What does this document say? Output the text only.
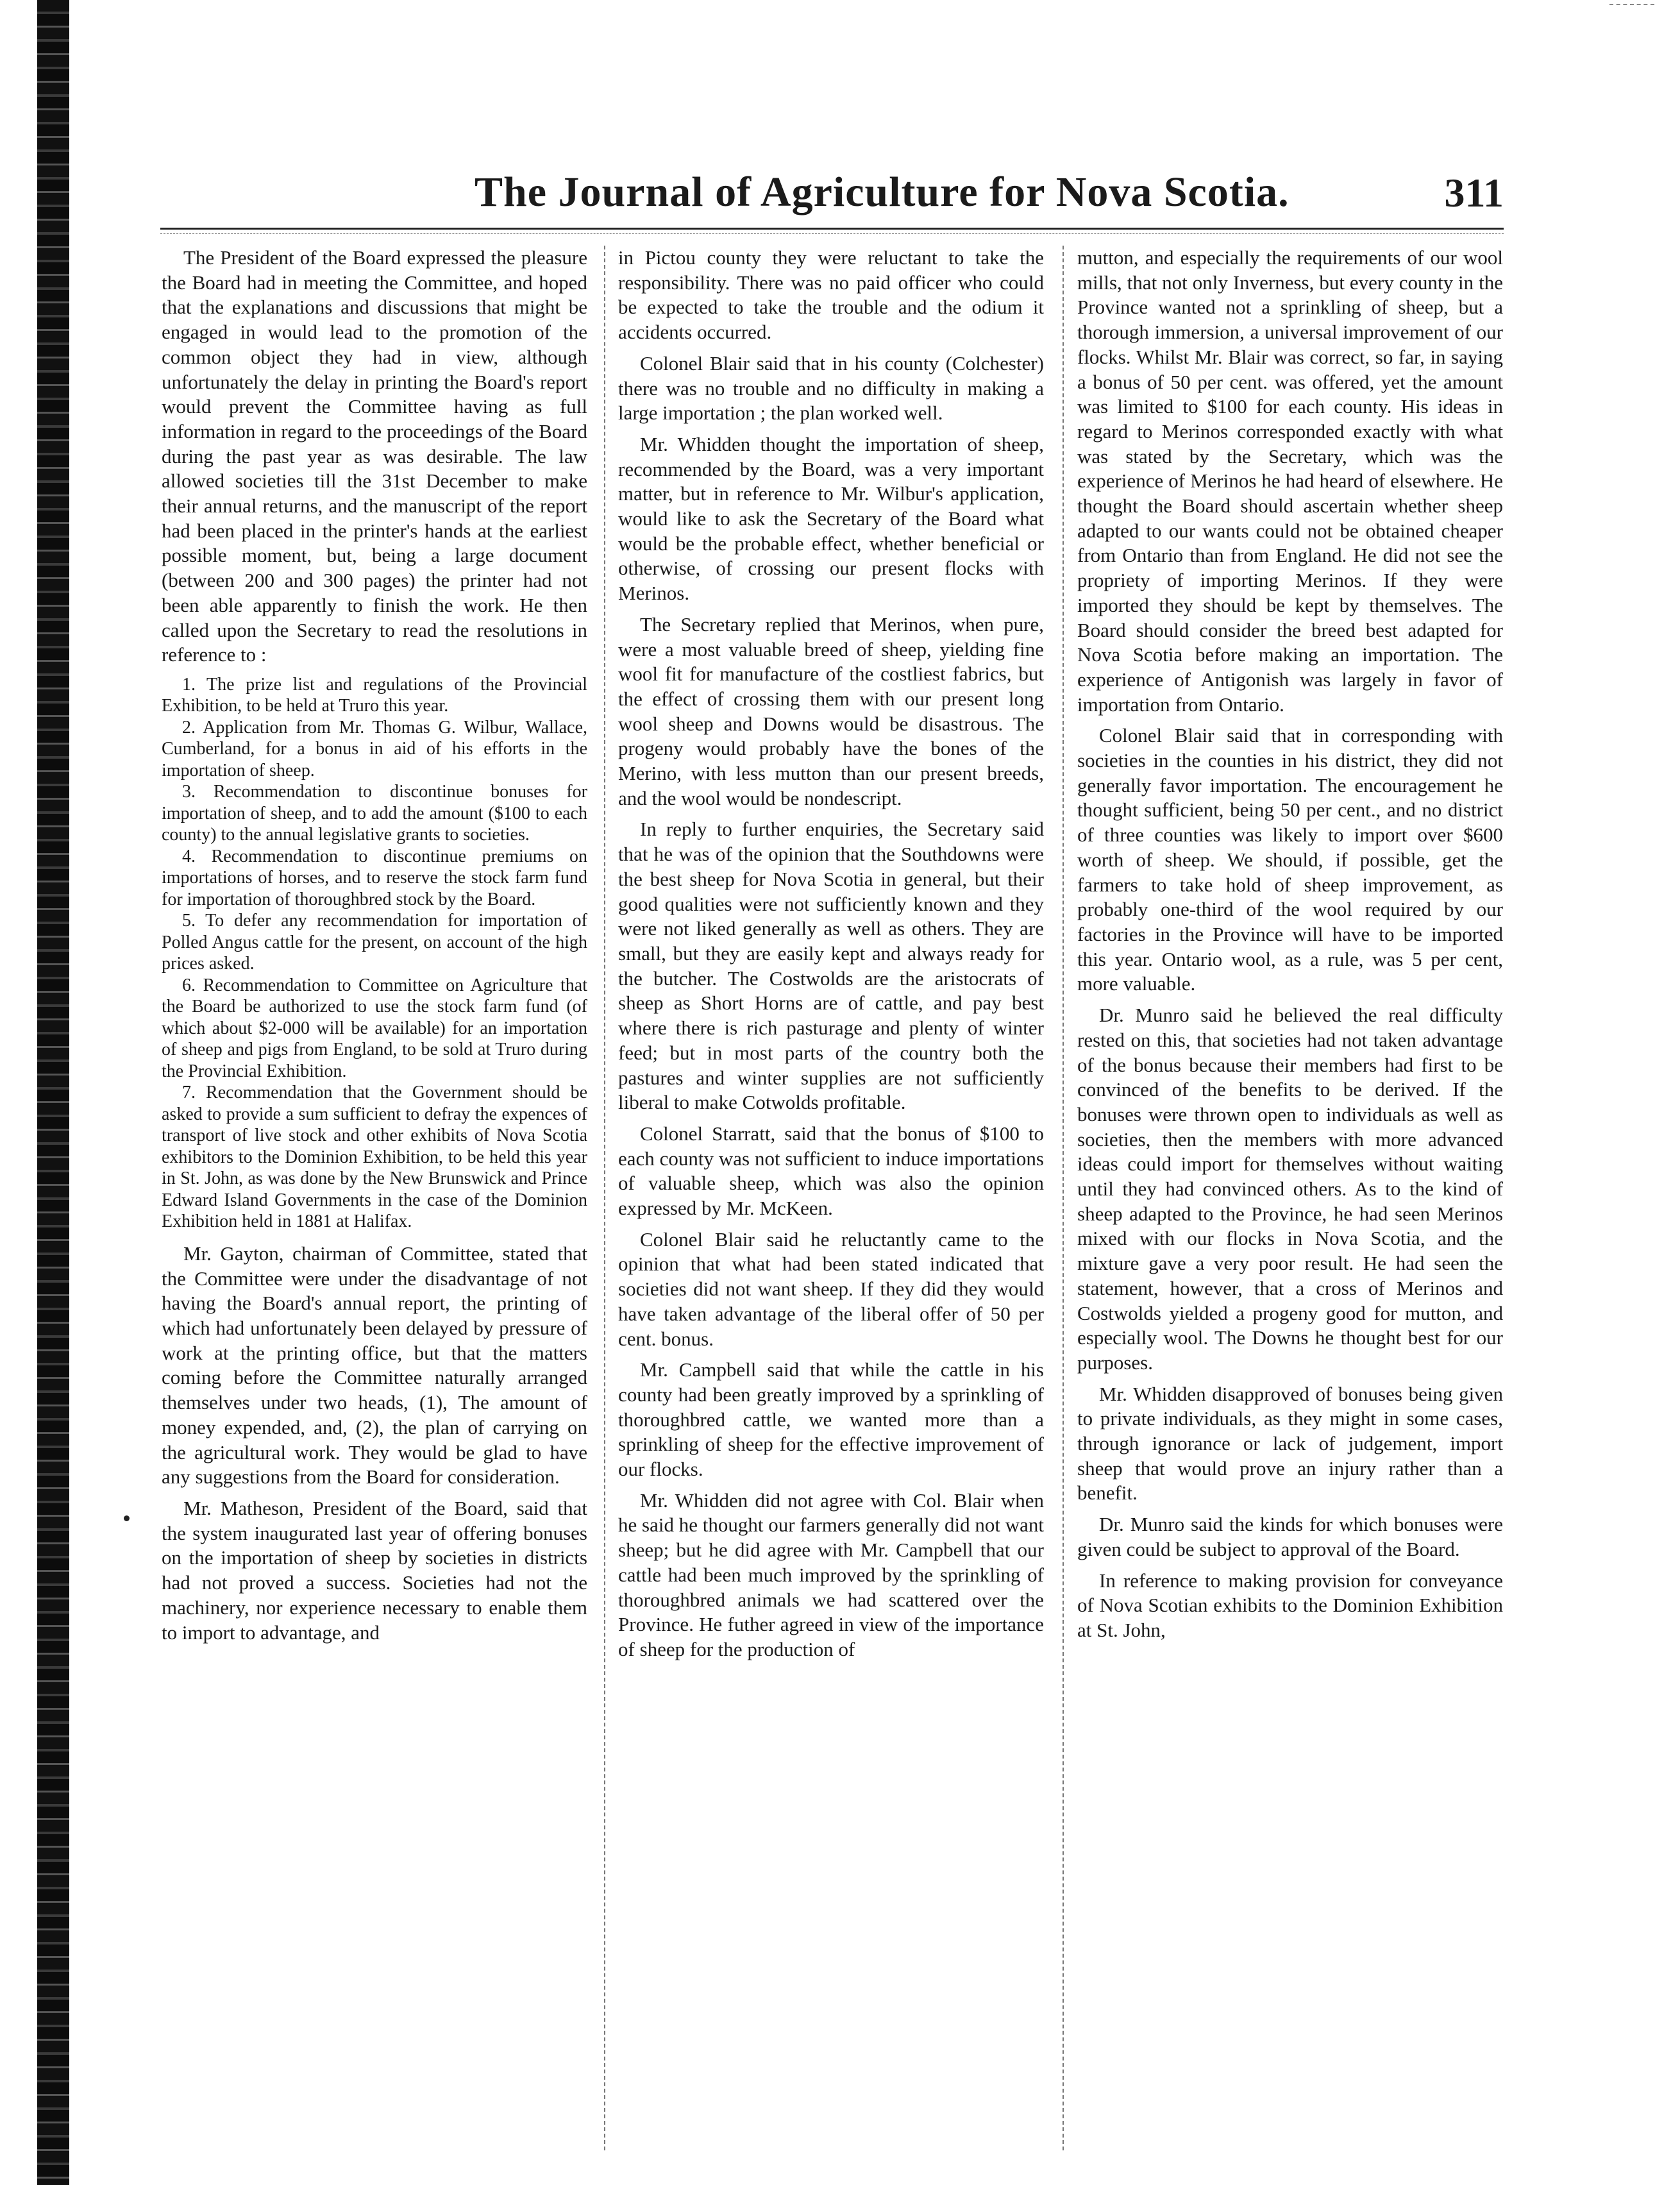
The Journal of Agriculture for Nova Scotia.	311

The President of the Board expressed the pleasure the Board had in meeting the Committee, and hoped that the explanations and discussions that might be engaged in would lead to the promotion of the common object they had in view, although unfortunately the delay in printing the Board's report would prevent the Committee having as full information in regard to the proceedings of the Board during the past year as was desirable. The law allowed societies till the 31st December to make their annual returns, and the manuscript of the report had been placed in the printer's hands at the earliest possible moment, but, being a large document (between 200 and 300 pages) the printer had not been able apparently to finish the work. He then called upon the Secretary to read the resolutions in reference to :

1. The prize list and regulations of the Provincial Exhibition, to be held at Truro this year.
2. Application from Mr. Thomas G. Wilbur, Wallace, Cumberland, for a bonus in aid of his efforts in the importation of sheep.
3. Recommendation to discontinue bonuses for importation of sheep, and to add the amount ($100 to each county) to the annual legislative grants to societies.
4. Recommendation to discontinue premiums on importations of horses, and to reserve the stock farm fund for importation of thoroughbred stock by the Board.
5. To defer any recommendation for importation of Polled Angus cattle for the present, on account of the high prices asked.
6. Recommendation to Committee on Agriculture that the Board be authorized to use the stock farm fund (of which about $2-000 will be available) for an importation of sheep and pigs from England, to be sold at Truro during the Provincial Exhibition.
7. Recommendation that the Government should be asked to provide a sum sufficient to defray the expences of transport of live stock and other exhibits of Nova Scotia exhibitors to the Dominion Exhibition, to be held this year in St. John, as was done by the New Brunswick and Prince Edward Island Governments in the case of the Dominion Exhibition held in 1881 at Halifax.

Mr. Gayton, chairman of Committee, stated that the Committee were under the disadvantage of not having the Board's annual report, the printing of which had unfortunately been delayed by pressure of work at the printing office, but that the matters coming before the Committee naturally arranged themselves under two heads, (1), The amount of money expended, and, (2), the plan of carrying on the agricultural work. They would be glad to have any suggestions from the Board for consideration.

Mr. Matheson, President of the Board, said that the system inaugurated last year of offering bonuses on the importation of sheep by societies in districts had not proved a success. Societies had not the machinery, nor experience necessary to enable them to import to advantage, and

in Pictou county they were reluctant to take the responsibility. There was no paid officer who could be expected to take the trouble and the odium it accidents occurred.

Colonel Blair said that in his county (Colchester) there was no trouble and no difficulty in making a large importation ; the plan worked well.

Mr. Whidden thought the importation of sheep, recommended by the Board, was a very important matter, but in reference to Mr. Wilbur's application, would like to ask the Secretary of the Board what would be the probable effect, whether beneficial or otherwise, of crossing our present flocks with Merinos.

The Secretary replied that Merinos, when pure, were a most valuable breed of sheep, yielding fine wool fit for manufacture of the costliest fabrics, but the effect of crossing them with our present long wool sheep and Downs would be disastrous. The progeny would probably have the bones of the Merino, with less mutton than our present breeds, and the wool would be nondescript.

In reply to further enquiries, the Secretary said that he was of the opinion that the Southdowns were the best sheep for Nova Scotia in general, but their good qualities were not sufficiently known and they were not liked generally as well as others. They are small, but they are easily kept and always ready for the butcher. The Costwolds are the aristocrats of sheep as Short Horns are of cattle, and pay best where there is rich pasturage and plenty of winter feed; but in most parts of the country both the pastures and winter supplies are not sufficiently liberal to make Cotwolds profitable.

Colonel Starratt, said that the bonus of $100 to each county was not sufficient to induce importations of valuable sheep, which was also the opinion expressed by Mr. McKeen.

Colonel Blair said he reluctantly came to the opinion that what had been stated indicated that societies did not want sheep. If they did they would have taken advantage of the liberal offer of 50 per cent. bonus.

Mr. Campbell said that while the cattle in his county had been greatly improved by a sprinkling of thoroughbred cattle, we wanted more than a sprinkling of sheep for the effective improvement of our flocks.

Mr. Whidden did not agree with Col. Blair when he said he thought our farmers generally did not want sheep; but he did agree with Mr. Campbell that our cattle had been much improved by the sprinkling of thoroughbred animals we had scattered over the Province. He futher agreed in view of the importance of sheep for the production of

mutton, and especially the requirements of our wool mills, that not only Inverness, but every county in the Province wanted not a sprinkling of sheep, but a thorough immersion, a universal improvement of our flocks. Whilst Mr. Blair was correct, so far, in saying a bonus of 50 per cent. was offered, yet the amount was limited to $100 for each county. His ideas in regard to Merinos corresponded exactly with what was stated by the Secretary, which was the experience of Merinos he had heard of elsewhere. He thought the Board should ascertain whether sheep adapted to our wants could not be obtained cheaper from Ontario than from England. He did not see the propriety of importing Merinos. If they were imported they should be kept by themselves. The Board should consider the breed best adapted for Nova Scotia before making an importation. The experience of Antigonish was largely in favor of importation from Ontario.

Colonel Blair said that in corresponding with societies in the counties in his district, they did not generally favor importation. The encouragement he thought sufficient, being 50 per cent., and no district of three counties was likely to import over $600 worth of sheep. We should, if possible, get the farmers to take hold of sheep improvement, as probably one-third of the wool required by our factories in the Province will have to be imported this year. Ontario wool, as a rule, was 5 per cent, more valuable.

Dr. Munro said he believed the real difficulty rested on this, that societies had not taken advantage of the bonus because their members had first to be convinced of the benefits to be derived. If the bonuses were thrown open to individuals as well as societies, then the members with more advanced ideas could import for themselves without waiting until they had convinced others. As to the kind of sheep adapted to the Province, he had seen Merinos mixed with our flocks in Nova Scotia, and the mixture gave a very poor result. He had seen the statement, however, that a cross of Merinos and Costwolds yielded a progeny good for mutton, and especially wool. The Downs he thought best for our purposes.

Mr. Whidden disapproved of bonuses being given to private individuals, as they might in some cases, through ignorance or lack of judgement, import sheep that would prove an injury rather than a benefit.

Dr. Munro said the kinds for which bonuses were given could be subject to approval of the Board.

In reference to making provision for conveyance of Nova Scotian exhibits to the Dominion Exhibition at St. John,
